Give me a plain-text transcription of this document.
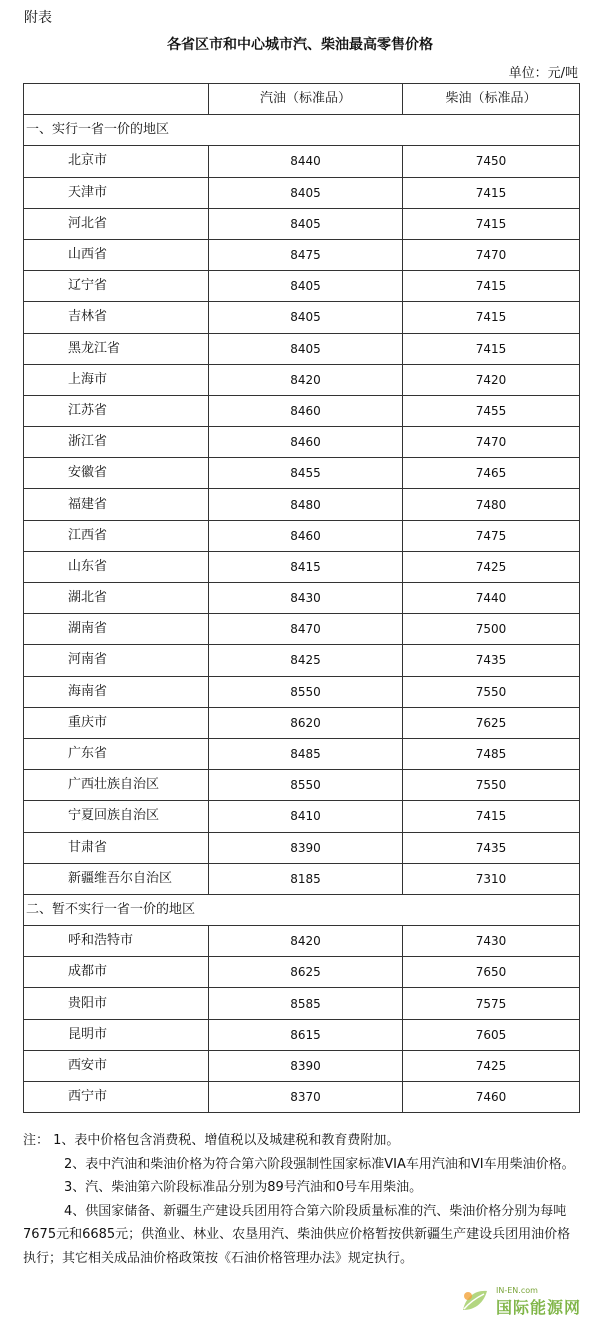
附表
各省区市和中心城市汽、柴油最高零售价格
单位：元/吨
	汽油（标准品）	柴油（标准品）
一、实行一省一价的地区		
北京市	8440	7450
天津市	8405	7415
河北省	8405	7415
山西省	8475	7470
辽宁省	8405	7415
吉林省	8405	7415
黑龙江省	8405	7415
上海市	8420	7420
江苏省	8460	7455
浙江省	8460	7470
安徽省	8455	7465
福建省	8480	7480
江西省	8460	7475
山东省	8415	7425
湖北省	8430	7440
湖南省	8470	7500
河南省	8425	7435
海南省	8550	7550
重庆市	8620	7625
广东省	8485	7485
广西壮族自治区	8550	7550
宁夏回族自治区	8410	7415
甘肃省	8390	7435
新疆维吾尔自治区	8185	7310
二、暂不实行一省一价的地区		
呼和浩特市	8420	7430
成都市	8625	7650
贵阳市	8585	7575
昆明市	8615	7605
西安市	8390	7425
西宁市	8370	7460

注： 1、表中价格包含消费税、增值税以及城建税和教育费附加。

2、表中汽油和柴油价格为符合第六阶段强制性国家标准VIA车用汽油和VI车用柴油价格。

3、汽、柴油第六阶段标准品分别为89号汽油和0号车用柴油。

4、供国家储备、新疆生产建设兵团用符合第六阶段质量标准的汽、柴油价格分别为每吨7675元和6685元；供渔业、林业、农垦用汽、柴油供应价格暂按供新疆生产建设兵团用油价格执行；其它相关成品油价格政策按《石油价格管理办法》规定执行。

IN-EN.com
国际能源网
